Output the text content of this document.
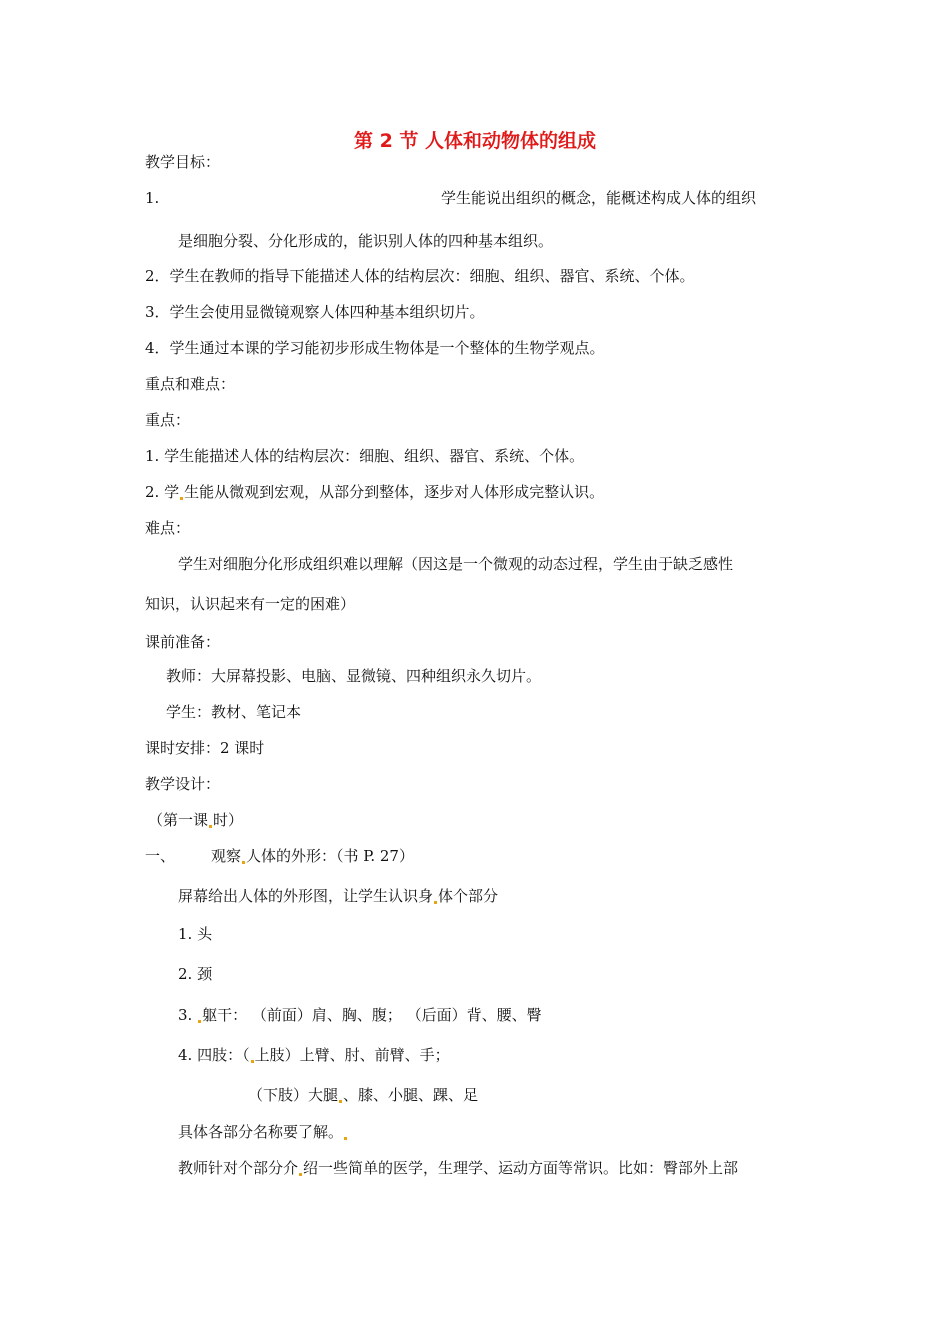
第 2 节 人体和动物体的组成
教学目标：
1.	学生能说出组织的概念，能概述构成人体的组织
是细胞分裂、分化形成的，能识别人体的四种基本组织。
2．学生在教师的指导下能描述人体的结构层次：细胞、组织、器官、系统、个体。
3．学生会使用显微镜观察人体四种基本组织切片。
4．学生通过本课的学习能初步形成生物体是一个整体的生物学观点。
重点和难点：
重点：
1. 学生能描述人体的结构层次：细胞、组织、器官、系统、个体。
2. 学 生能从微观到宏观，从部分到整体，逐步对人体形成完整认识。
难点：
学生对细胞分化形成组织难以理解（因这是一个微观的动态过程，学生由于缺乏感性
知识，认识起来有一定的困难）
课前准备：
教师：大屏幕投影、电脑、显微镜、四种组织永久切片。
学生：教材、笔记本
课时安排：2 课时
教学设计：
（第一课 时）
一、 观察 人体的外形：（书 P. 27）
屏幕给出人体的外形图，让学生认识身 体个部分
1. 头
2. 颈
3. 躯干： （前面）肩、胸、腹； （后面）背、腰、臀
4. 四肢：（ 上肢）上臂、肘、前臂、手；
（下肢）大腿 、膝、小腿、踝、足
具体各部分名称要了解。
教师针对个部分介 绍一些简单的医学，生理学、运动方面等常识。比如：臀部外上部
